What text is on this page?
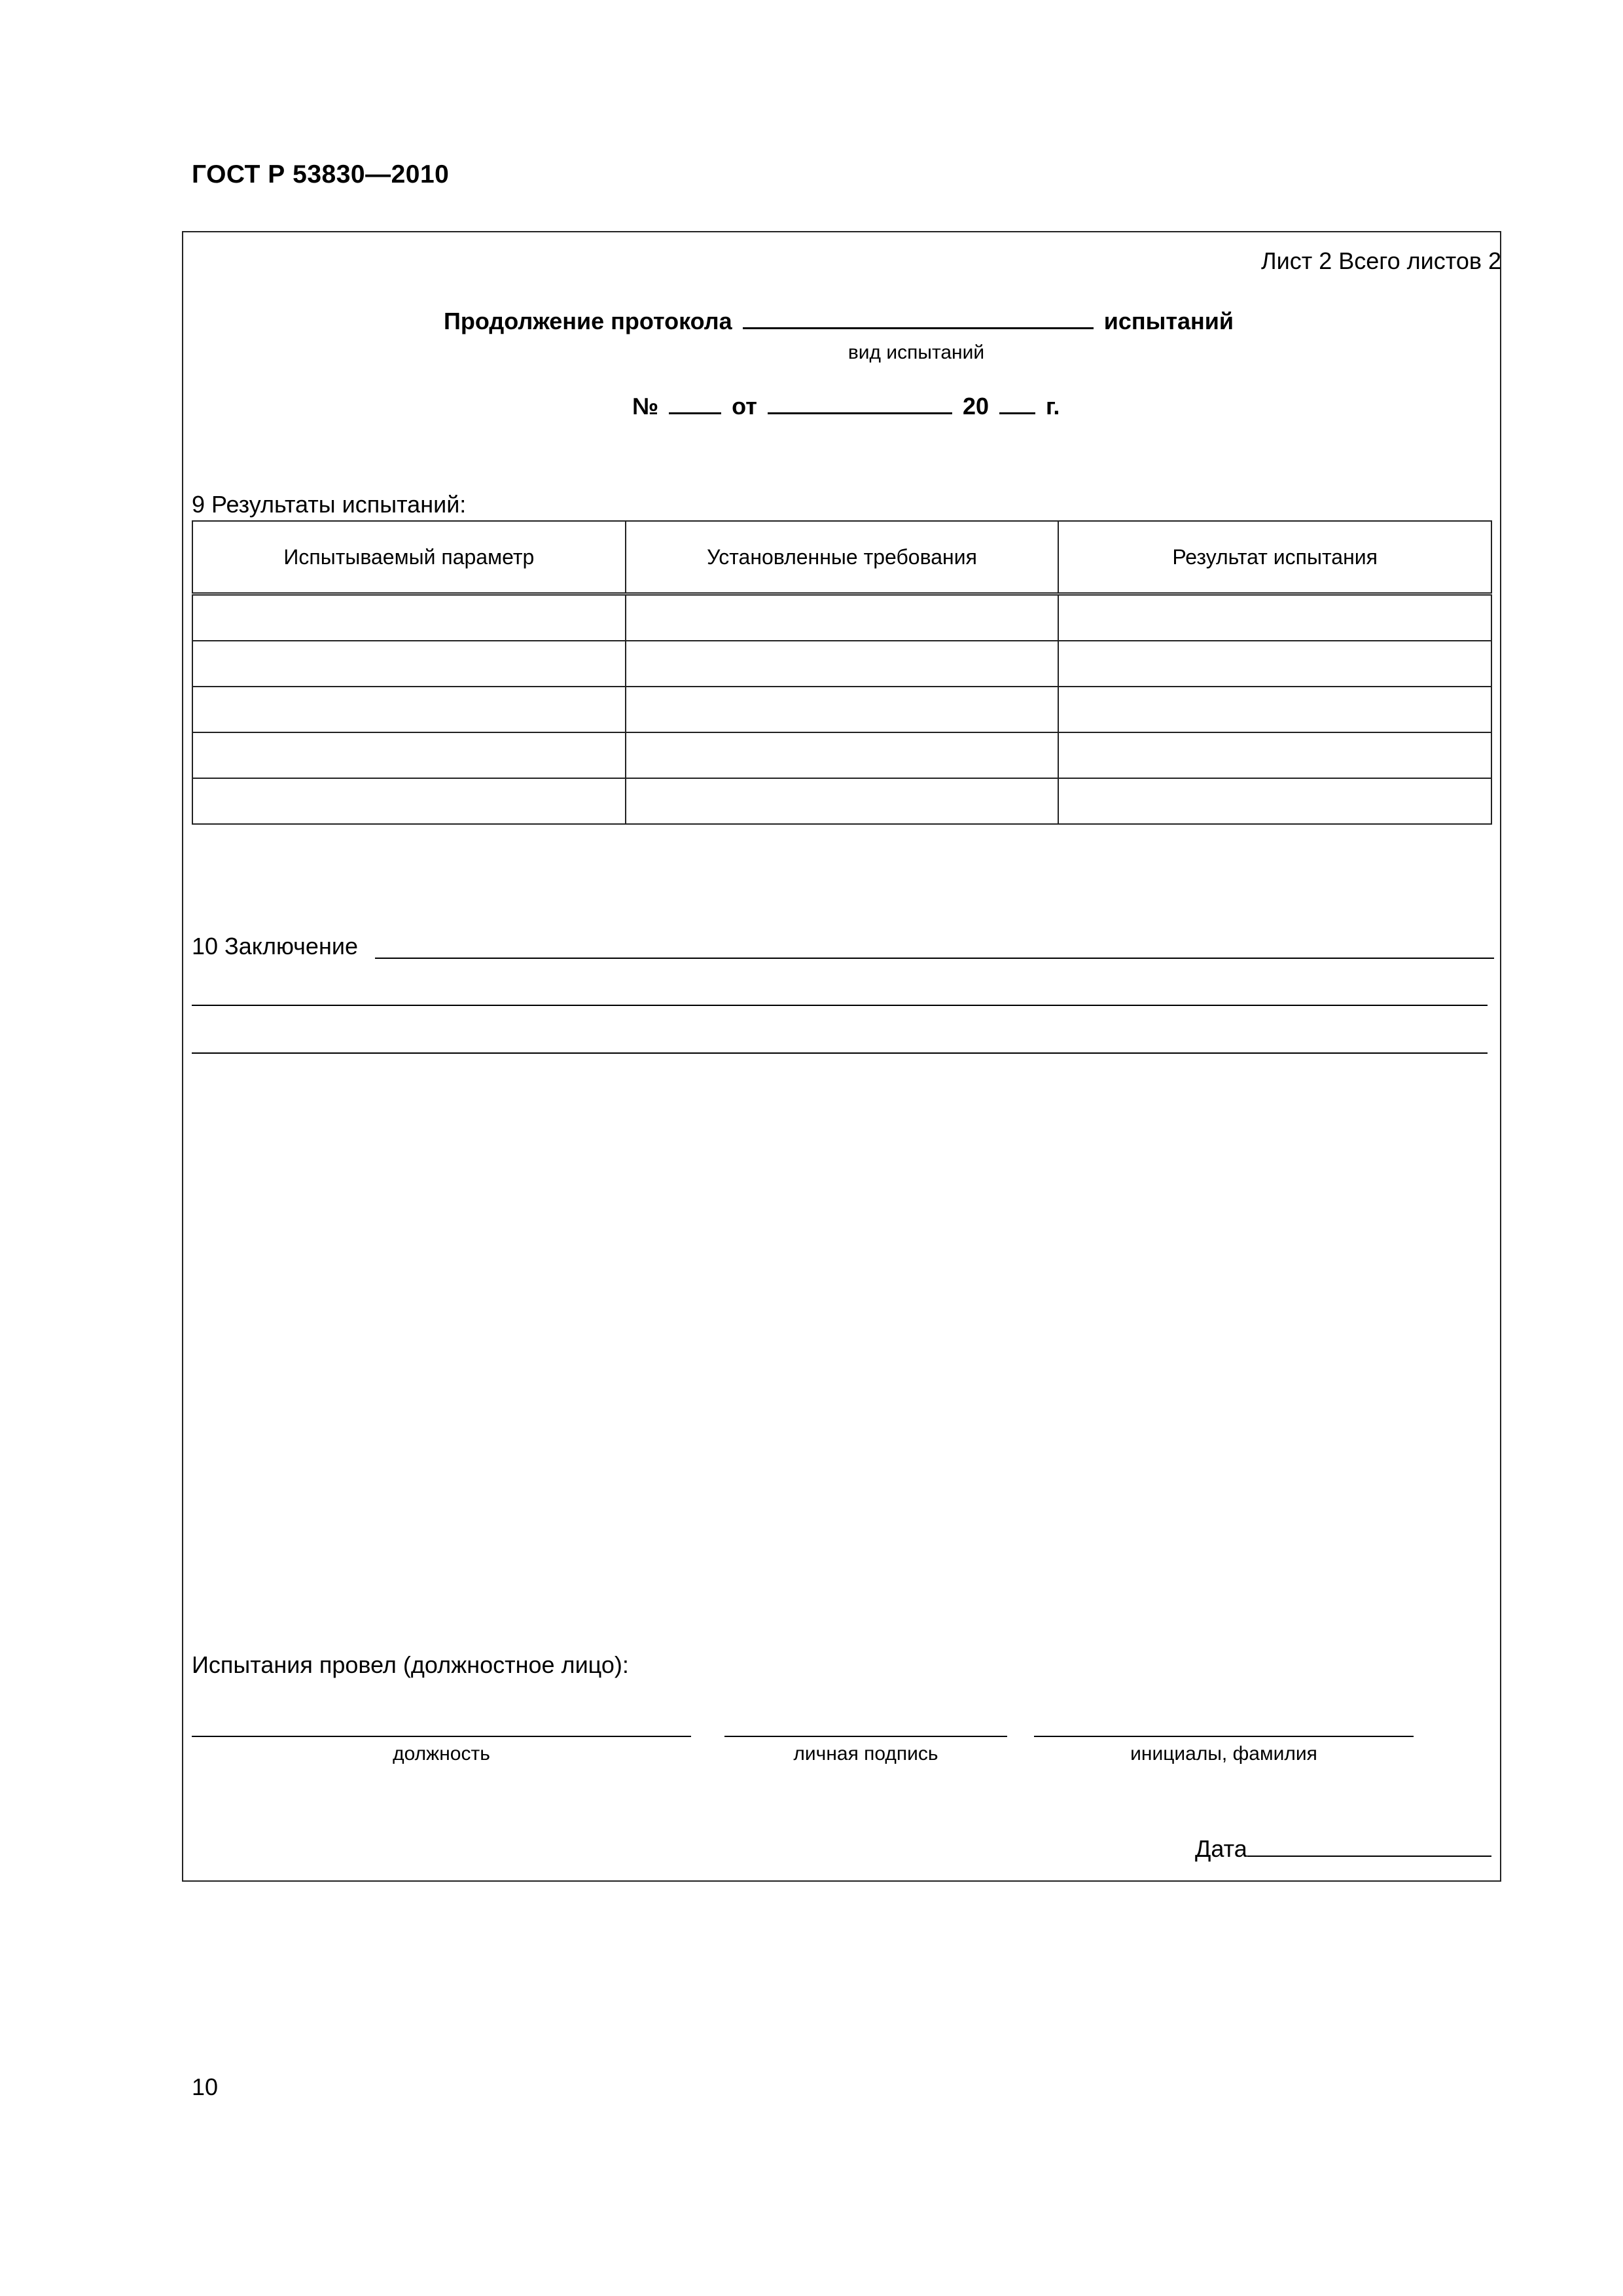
ГОСТ Р 53830—2010
Лист 2 Всего листов 2
Продолжение протокола	испытаний
вид испытаний
№	от	20 г.
9 Результаты испытаний:
Испытываемый параметр	Установленные требования	Результат испытания

10 Заключение
Испытания провел (должностное лицо):
должность	личная подпись	инициалы, фамилия
Дата
10
